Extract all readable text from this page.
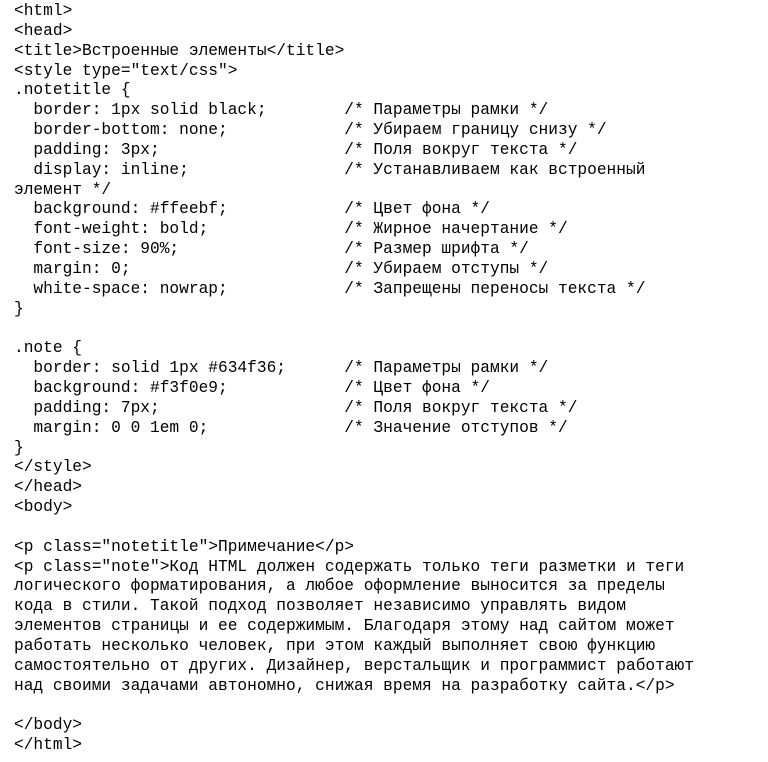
<html>
<head>
<title>Встроенные элементы</title>
<style type="text/css">
.notetitle {
border: 1px solid black;        /* Параметры рамки */
border-bottom: none;            /* Убираем границу снизу */
padding: 3px;                   /* Поля вокруг текста */
display: inline;                /* Устанавливаем как встроенный
элемент */
background: #ffeebf;            /* Цвет фона */
font-weight: bold;              /* Жирное начертание */
font-size: 90%;                 /* Размер шрифта */
margin: 0;                      /* Убираем отступы */
white-space: nowrap;            /* Запрещены переносы текста */
}
.note {
border: solid 1px #634f36;      /* Параметры рамки */
background: #f3f0e9;            /* Цвет фона */
padding: 7px;                   /* Поля вокруг текста */
margin: 0 0 1em 0;              /* Значение отступов */
}
</style>
</head>
<body>
<p class="notetitle">Примечание</p>
<p class="note">Код HTML должен содержать только теги разметки и теги
логического форматирования, а любое оформление выносится за пределы
кода в стили. Такой подход позволяет независимо управлять видом
элементов страницы и ее содержимым. Благодаря этому над сайтом может
работать несколько человек, при этом каждый выполняет свою функцию
самостоятельно от других. Дизайнер, верстальщик и программист работают
над своими задачами автономно, снижая время на разработку сайта.</p>
</body>
</html>
